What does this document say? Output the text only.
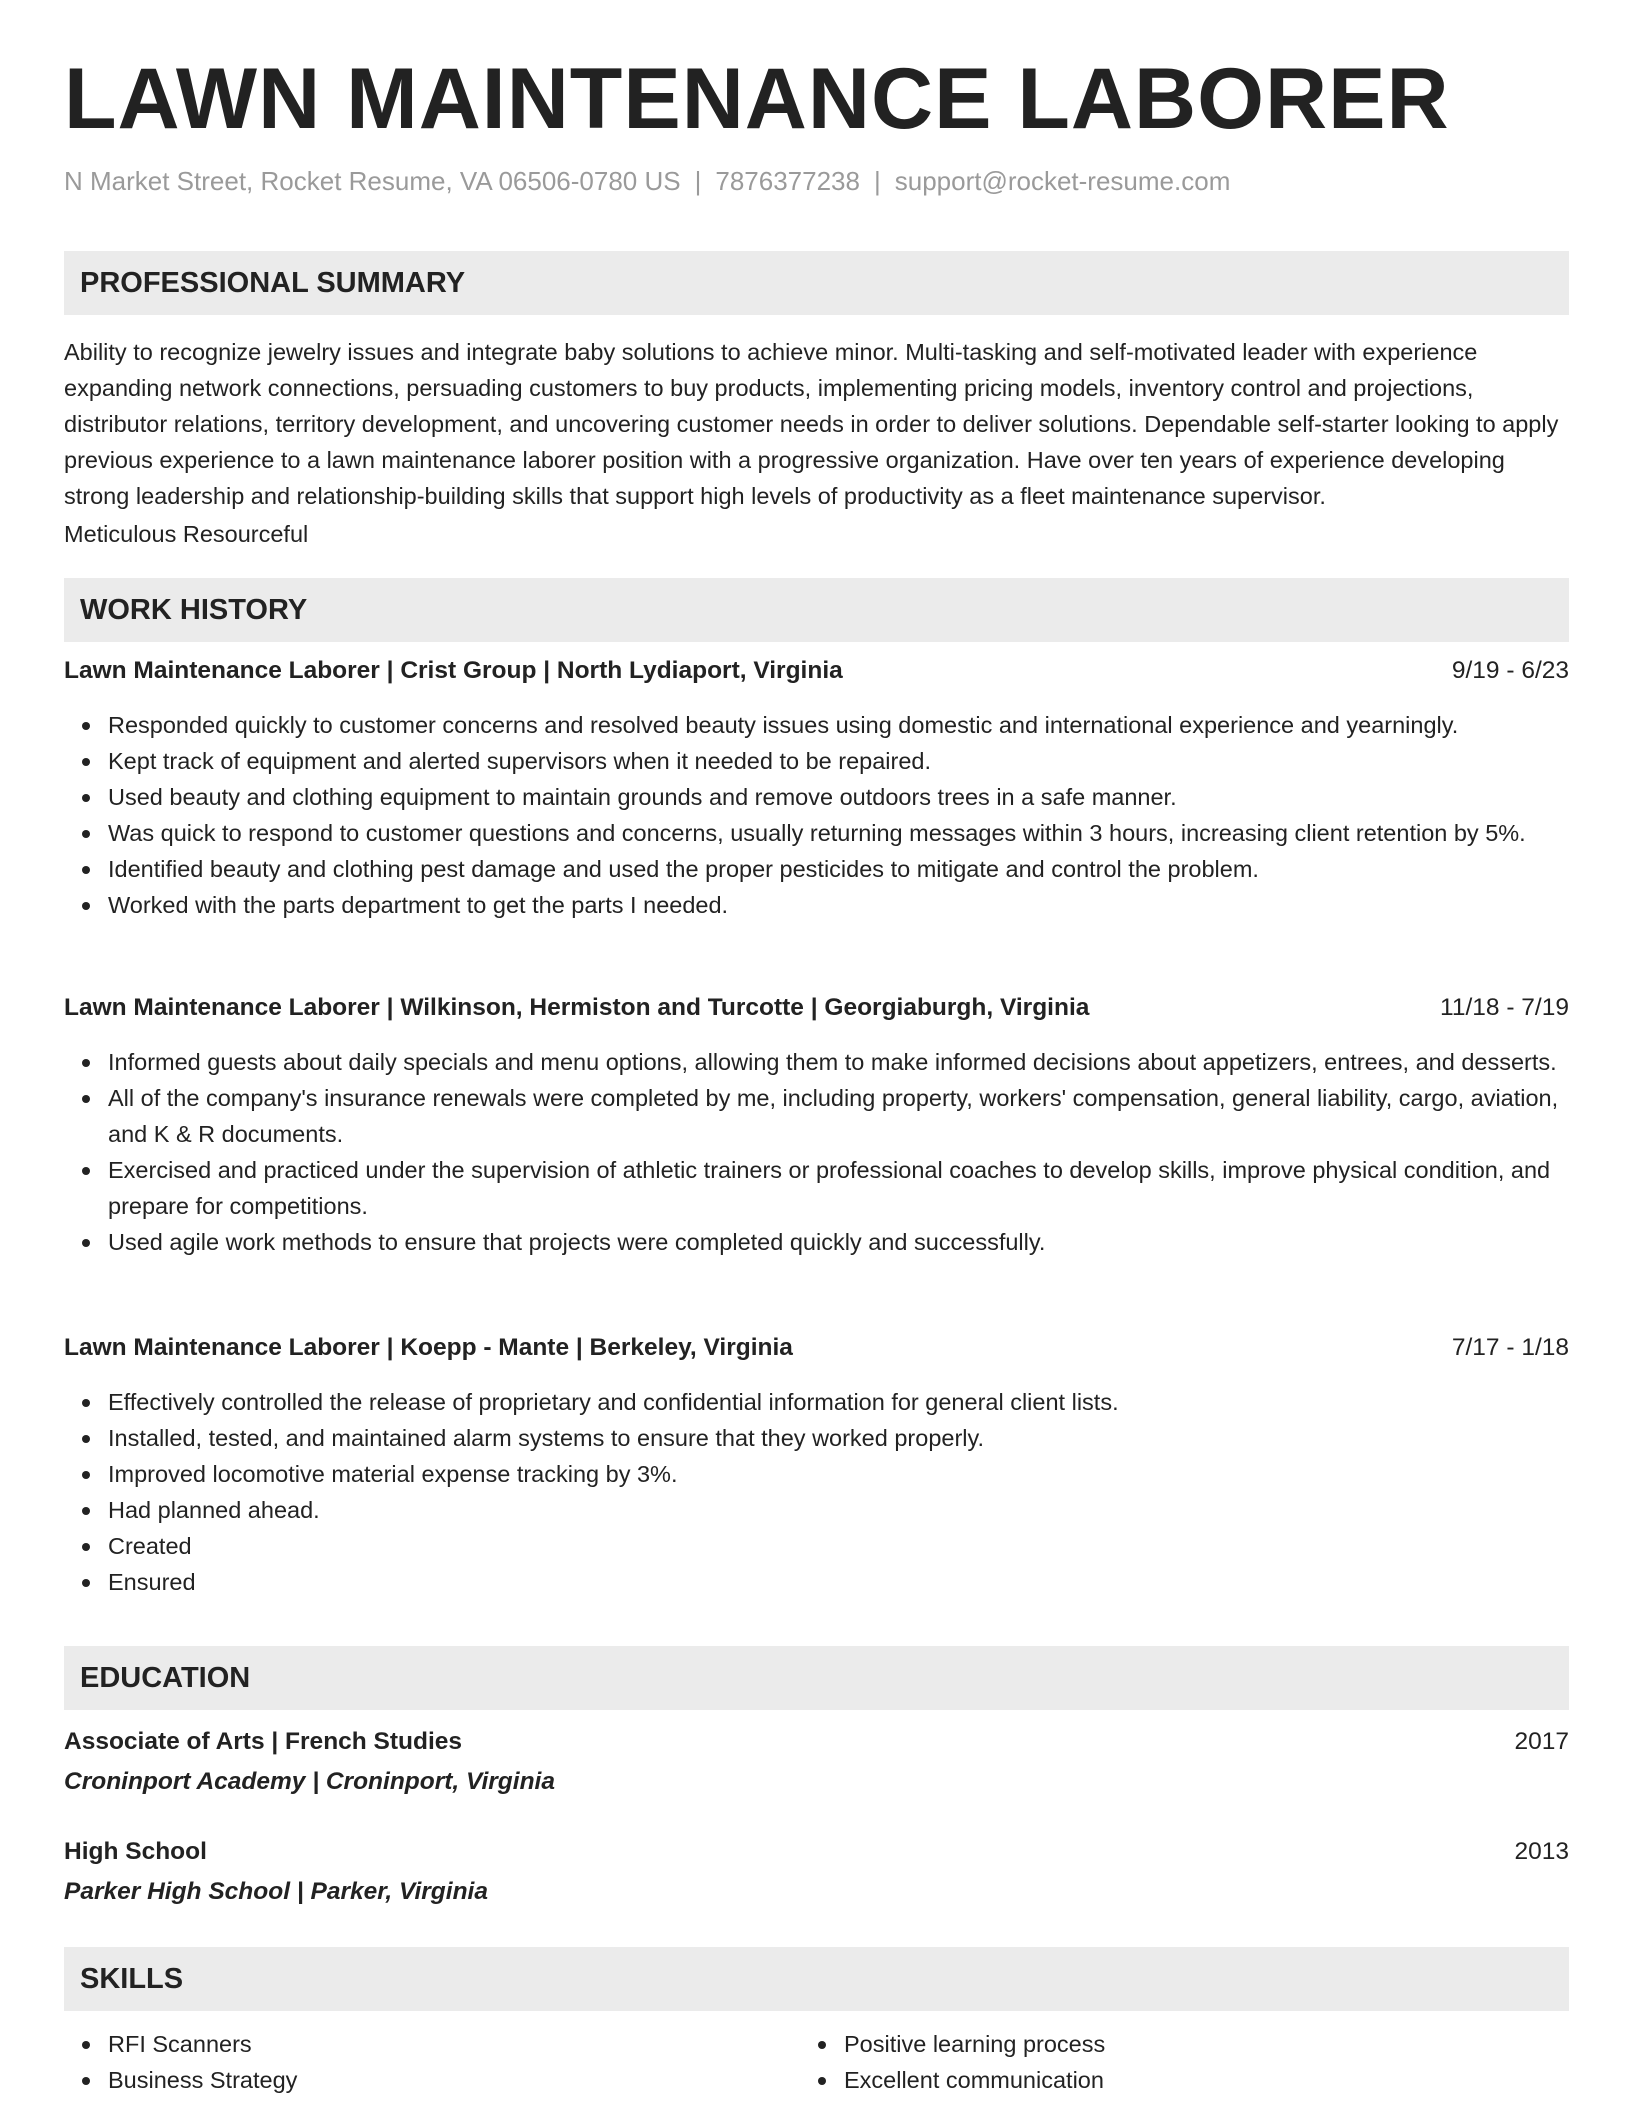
LAWN MAINTENANCE LABORER
N Market Street, Rocket Resume, VA 06506-0780 US | 7876377238 | support@rocket-resume.com
PROFESSIONAL SUMMARY

Ability to recognize jewelry issues and integrate baby solutions to achieve minor. Multi-tasking and self-motivated leader with experience expanding network connections, persuading customers to buy products, implementing pricing models, inventory control and projections, distributor relations, territory development, and uncovering customer needs in order to deliver solutions. Dependable self-starter looking to apply previous experience to a lawn maintenance laborer position with a progressive organization. Have over ten years of experience developing strong leadership and relationship-building skills that support high levels of productivity as a fleet maintenance supervisor.

Meticulous Resourceful

WORK HISTORY
Lawn Maintenance Laborer | Crist Group | North Lydiaport, Virginia	9/19 - 6/23
Responded quickly to customer concerns and resolved beauty issues using domestic and international experience and yearningly.
Kept track of equipment and alerted supervisors when it needed to be repaired.
Used beauty and clothing equipment to maintain grounds and remove outdoors trees in a safe manner.
Was quick to respond to customer questions and concerns, usually returning messages within 3 hours, increasing client retention by 5%.
Identified beauty and clothing pest damage and used the proper pesticides to mitigate and control the problem.
Worked with the parts department to get the parts I needed.
Lawn Maintenance Laborer | Wilkinson, Hermiston and Turcotte | Georgiaburgh, Virginia	11/18 - 7/19
Informed guests about daily specials and menu options, allowing them to make informed decisions about appetizers, entrees, and desserts.
All of the company's insurance renewals were completed by me, including property, workers' compensation, general liability, cargo, aviation, and K & R documents.
Exercised and practiced under the supervision of athletic trainers or professional coaches to develop skills, improve physical condition, and prepare for competitions.
Used agile work methods to ensure that projects were completed quickly and successfully.
Lawn Maintenance Laborer | Koepp - Mante | Berkeley, Virginia	7/17 - 1/18
Effectively controlled the release of proprietary and confidential information for general client lists.
Installed, tested, and maintained alarm systems to ensure that they worked properly.
Improved locomotive material expense tracking by 3%.
Had planned ahead.
Created
Ensured
EDUCATION
Associate of Arts | French Studies	2017
Croninport Academy | Croninport, Virginia
High School	2013
Parker High School | Parker, Virginia
SKILLS
RFI Scanners
Business Strategy
Positive learning process
Excellent communication
